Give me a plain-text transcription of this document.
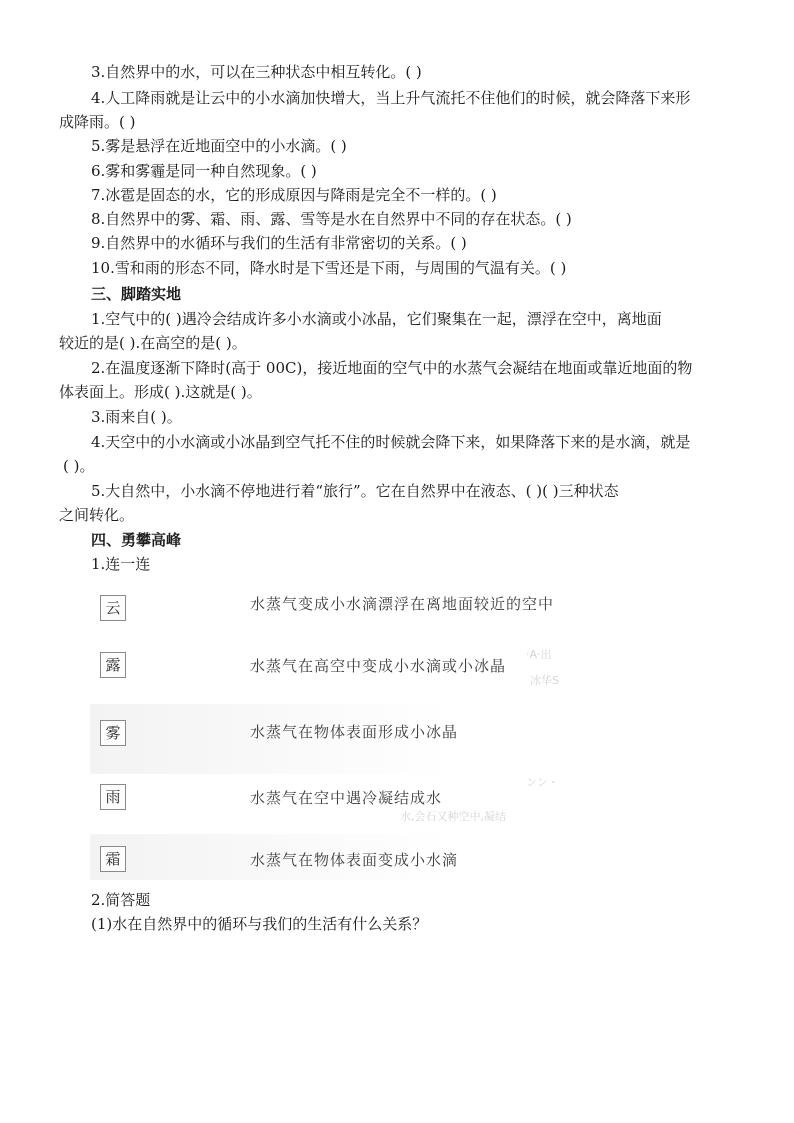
3.自然界中的水，可以在三种状态中相互转化。( )
4.人工降雨就是让云中的小水滴加快增大，当上升气流托不住他们的时候，就会降落下来形
成降雨。( )
5.雾是悬浮在近地面空中的小水滴。( )
6.雾和雾霾是同一种自然现象。( )
7.冰雹是固态的水，它的形成原因与降雨是完全不一样的。( )
8.自然界中的雾、霜、雨、露、雪等是水在自然界中不同的存在状态。( )
9.自然界中的水循环与我们的生活有非常密切的关系。( )
10.雪和雨的形态不同，降水时是下雪还是下雨，与周围的气温有关。( )
三、脚踏实地
1.空气中的( )遇冷会结成许多小水滴或小冰晶，它们聚集在一起，漂浮在空中，离地面
较近的是( ).在高空的是( )。
2.在温度逐渐下降时(高于 00C)，接近地面的空气中的水蒸气会凝结在地面或靠近地面的物
体表面上。形成( ).这就是( )。
3.雨来自( )。
4.天空中的小水滴或小冰晶到空气托不住的时候就会降下来，如果降落下来的是水滴，就是
( )。
5.大自然中，小水滴不停地进行着“旅行”。它在自然界中在液态、( )( )三种状态
之间转化。
四、勇攀高峰
1.连一连
云	水蒸气变成小水滴漂浮在离地面较近的空中
露	水蒸气在高空中变成小水滴或小冰晶
·A·出
冰华S
雾	水蒸气在物体表面形成小冰晶
雨	水蒸气在空中遇冷凝结成水
ンン・
水,会石又种空中,凝结
霜	水蒸气在物体表面变成小水滴
2.简答题
(1)水在自然界中的循环与我们的生活有什么关系？
